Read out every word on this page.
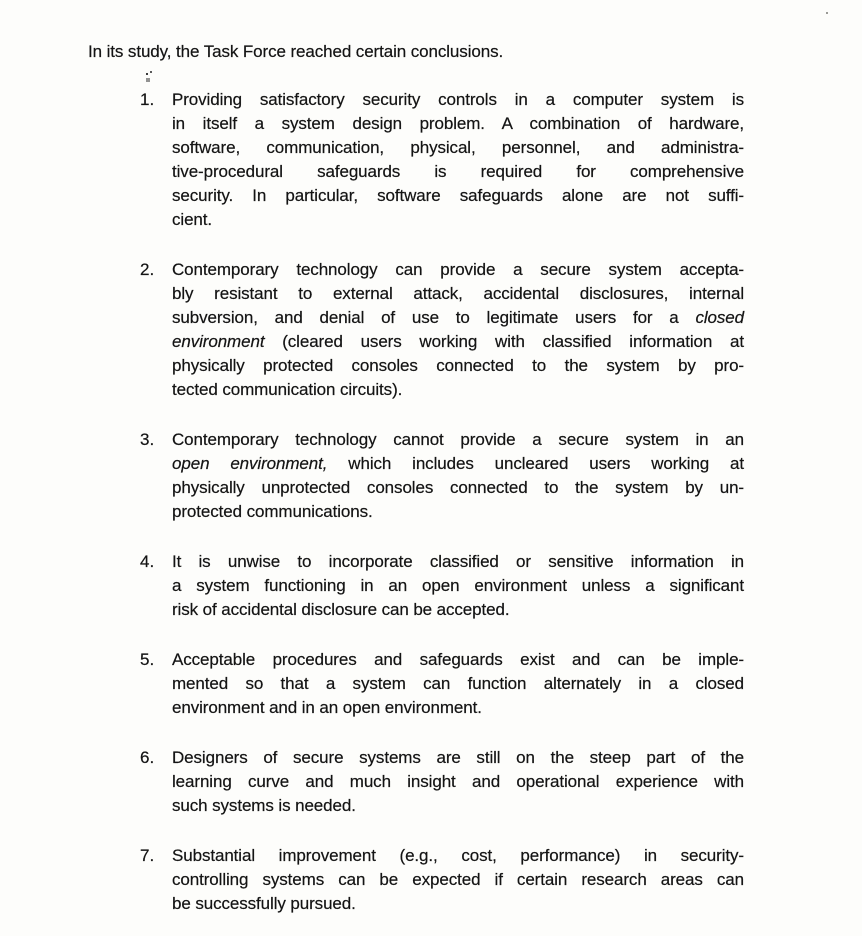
In its study, the Task Force reached certain conclusions.

1.	Providing satisfactory security controls in a computer system is
in itself a system design problem. A combination of hardware,
software, communication, physical, personnel, and administra-
tive-procedural safeguards is required for comprehensive
security. In particular, software safeguards alone are not suffi-
cient.
2.	Contemporary technology can provide a secure system accepta-
bly resistant to external attack, accidental disclosures, internal
subversion, and denial of use to legitimate users for a closed
environment (cleared users working with classified information at
physically protected consoles connected to the system by pro-
tected communication circuits).
3.	Contemporary technology cannot provide a secure system in an
open environment, which includes uncleared users working at
physically unprotected consoles connected to the system by un-
protected communications.
4.	It is unwise to incorporate classified or sensitive information in
a system functioning in an open environment unless a significant
risk of accidental disclosure can be accepted.
5.	Acceptable procedures and safeguards exist and can be imple-
mented so that a system can function alternately in a closed
environment and in an open environment.
6.	Designers of secure systems are still on the steep part of the
learning curve and much insight and operational experience with
such systems is needed.
7.	Substantial improvement (e.g., cost, performance) in security-
controlling systems can be expected if certain research areas can
be successfully pursued.
